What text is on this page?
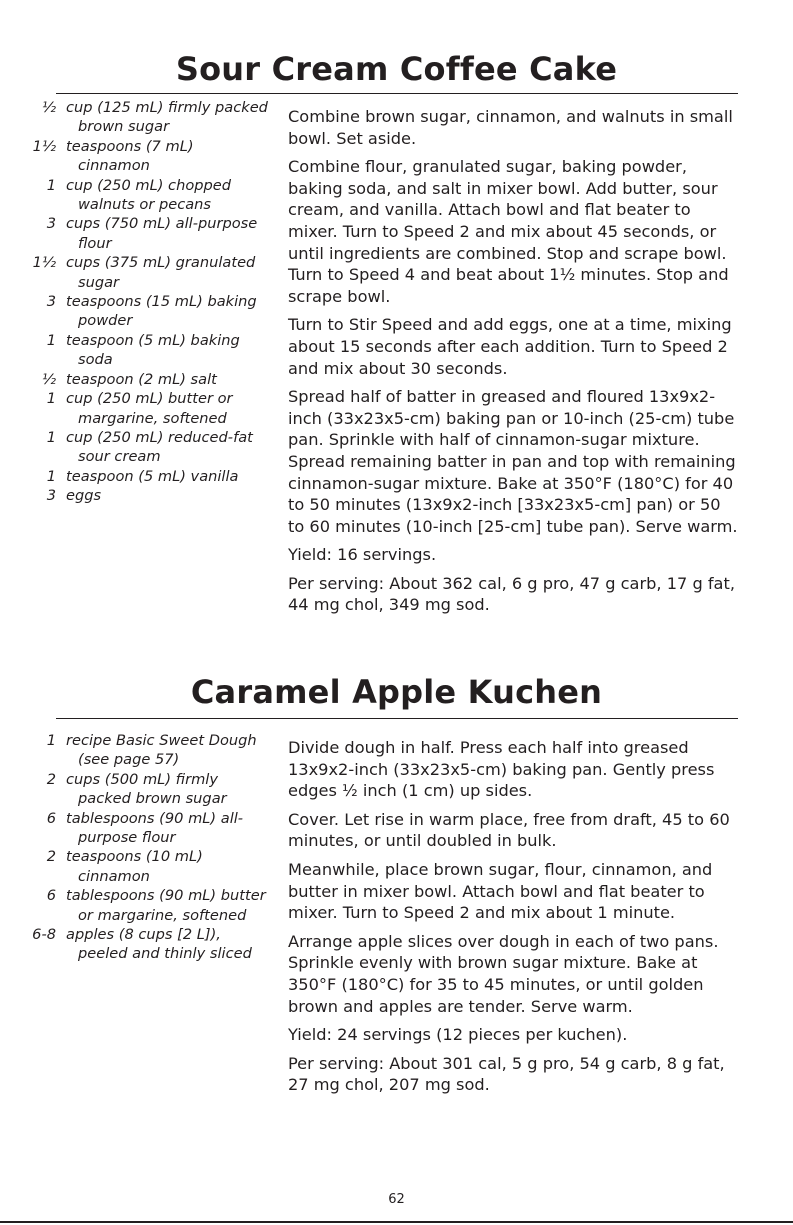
Sour Cream Coffee Cake
½ cup (125 mL) firmly packed brown sugar
1½ teaspoons (7 mL) cinnamon
1 cup (250 mL) chopped walnuts or pecans
3 cups (750 mL) all-purpose flour
1½ cups (375 mL) granulated sugar
3 teaspoons (15 mL) baking powder
1 teaspoon (5 mL) baking soda
½ teaspoon (2 mL) salt
1 cup (250 mL) butter or margarine, softened
1 cup (250 mL) reduced-fat sour cream
1 teaspoon (5 mL) vanilla
3 eggs

Combine brown sugar, cinnamon, and walnuts in small bowl. Set aside.

Combine flour, granulated sugar, baking powder, baking soda, and salt in mixer bowl. Add butter, sour cream, and vanilla. Attach bowl and flat beater to mixer. Turn to Speed 2 and mix about 45 seconds, or until ingredients are combined. Stop and scrape bowl. Turn to Speed 4 and beat about 1½ minutes. Stop and scrape bowl.

Turn to Stir Speed and add eggs, one at a time, mixing about 15 seconds after each addition. Turn to Speed 2 and mix about 30 seconds.

Spread half of batter in greased and floured 13x9x2-inch (33x23x5-cm) baking pan or 10-inch (25-cm) tube pan. Sprinkle with half of cinnamon-sugar mixture. Spread remaining batter in pan and top with remaining cinnamon-sugar mixture. Bake at 350°F (180°C) for 40 to 50 minutes (13x9x2-inch [33x23x5-cm] pan) or 50 to 60 minutes (10-inch [25-cm] tube pan). Serve warm.

Yield: 16 servings.

Per serving: About 362 cal, 6 g pro, 47 g carb, 17 g fat, 44 mg chol, 349 mg sod.

Caramel Apple Kuchen
1 recipe Basic Sweet Dough (see page 57)
2 cups (500 mL) firmly packed brown sugar
6 tablespoons (90 mL) all-purpose flour
2 teaspoons (10 mL) cinnamon
6 tablespoons (90 mL) butter or margarine, softened
6-8 apples (8 cups [2 L]), peeled and thinly sliced

Divide dough in half. Press each half into greased 13x9x2-inch (33x23x5-cm) baking pan. Gently press edges ½ inch (1 cm) up sides.

Cover. Let rise in warm place, free from draft, 45 to 60 minutes, or until doubled in bulk.

Meanwhile, place brown sugar, flour, cinnamon, and butter in mixer bowl. Attach bowl and flat beater to mixer. Turn to Speed 2 and mix about 1 minute.

Arrange apple slices over dough in each of two pans. Sprinkle evenly with brown sugar mixture. Bake at 350°F (180°C) for 35 to 45 minutes, or until golden brown and apples are tender. Serve warm.

Yield: 24 servings (12 pieces per kuchen).

Per serving: About 301 cal, 5 g pro, 54 g carb, 8 g fat, 27 mg chol, 207 mg sod.

62
